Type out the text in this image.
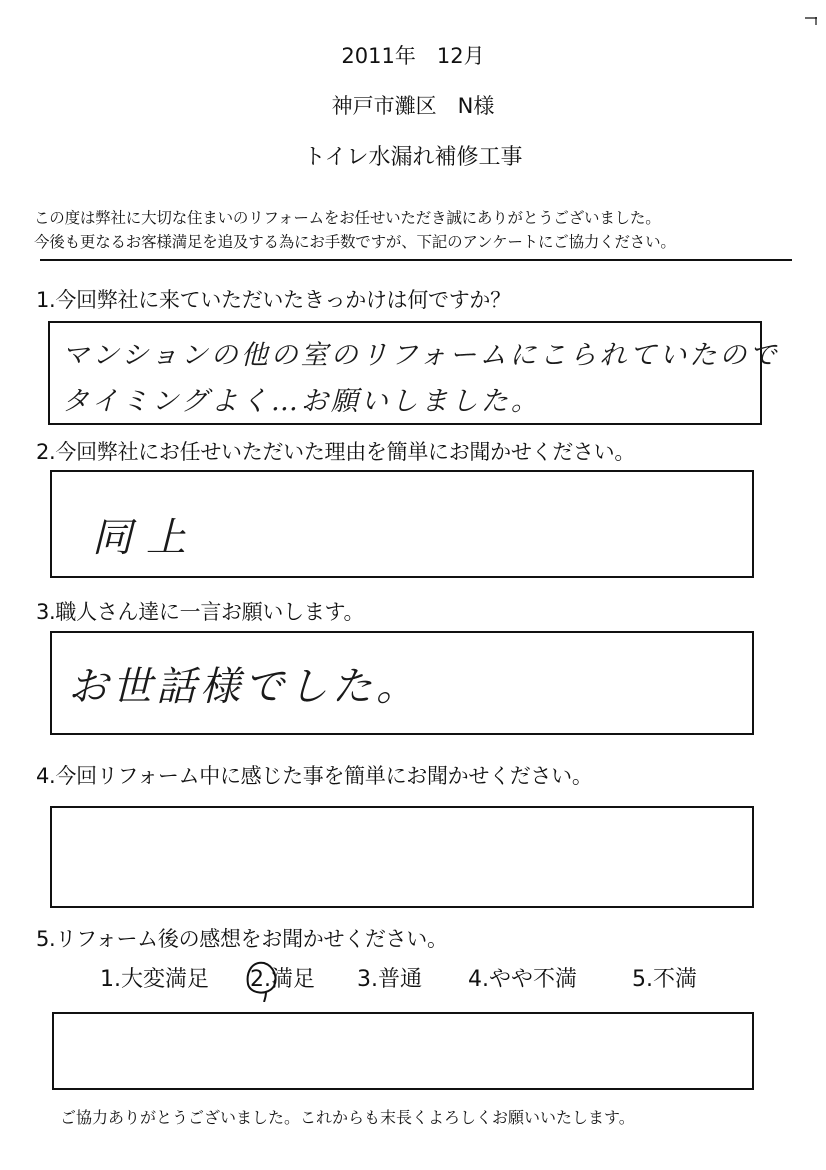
2011年　12月
神戸市灘区　N様
トイレ水漏れ補修工事
この度は弊社に大切な住まいのリフォームをお任せいただき誠にありがとうございました。
今後も更なるお客様満足を追及する為にお手数ですが、下記のアンケートにご協力ください。
1.今回弊社に来ていただいたきっかけは何ですか？
マンションの他の室のリフォームにこられていたので
タイミングよく…お願いしました。
2.今回弊社にお任せいただいた理由を簡単にお聞かせください。
同上
3.職人さん達に一言お願いします。
お世話様でした。
4.今回リフォーム中に感じた事を簡単にお聞かせください。
5.リフォーム後の感想をお聞かせください。
1.大変満足 2.満足 3.普通 4.やや不満	5.不満
ご協力ありがとうございました。これからも末長くよろしくお願いいたします。
